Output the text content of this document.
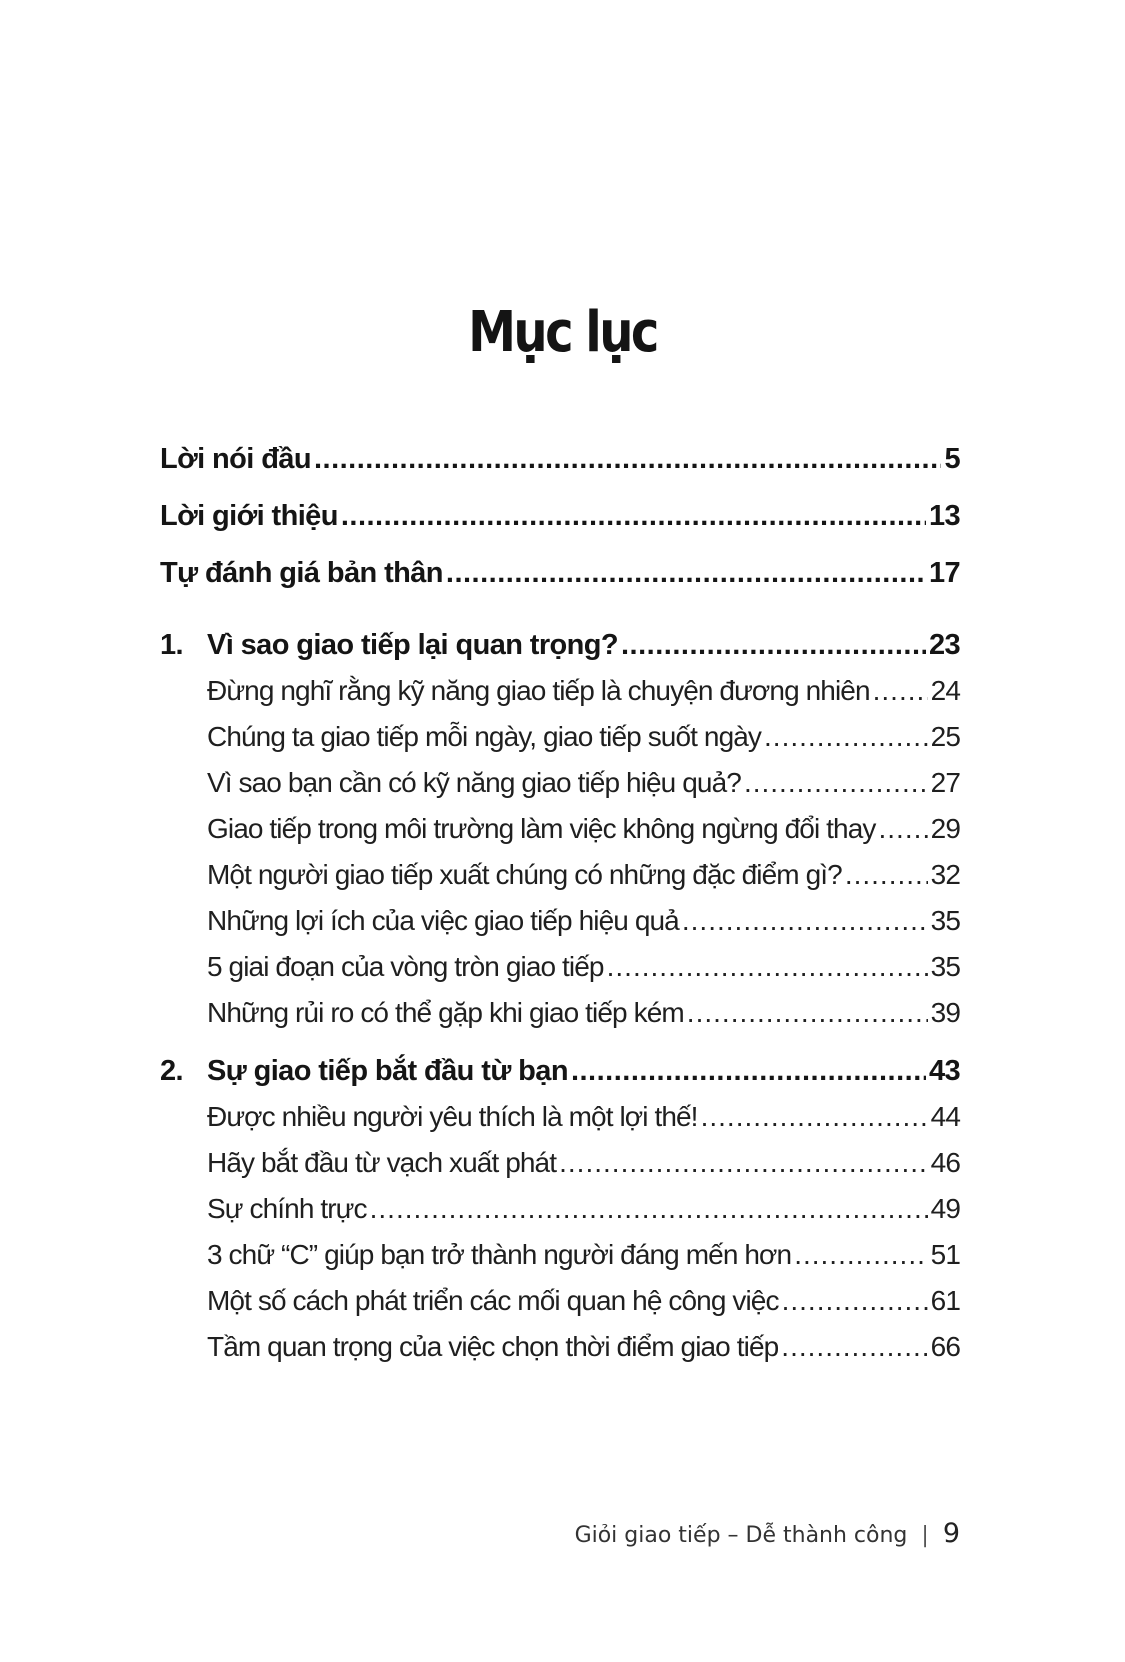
Mục lục
Lời nói đầu .....	5
Lời giới thiệu .....	13
Tự đánh giá bản thân .....	17
1. Vì sao giao tiếp lại quan trọng? .....	23
Đừng nghĩ rằng kỹ năng giao tiếp là chuyện đương nhiên ..... 24
Chúng ta giao tiếp mỗi ngày, giao tiếp suốt ngày .....	25
Vì sao bạn cần có kỹ năng giao tiếp hiệu quả? .....	27
Giao tiếp trong môi trường làm việc không ngừng đổi thay ..... 29
Một người giao tiếp xuất chúng có những đặc điểm gì? .....	32
Những lợi ích của việc giao tiếp hiệu quả .....	35
5 giai đoạn của vòng tròn giao tiếp .....	35
Những rủi ro có thể gặp khi giao tiếp kém .....	39
2. Sự giao tiếp bắt đầu từ bạn .....	43
Được nhiều người yêu thích là một lợi thế! .....	44
Hãy bắt đầu từ vạch xuất phát .....	46
Sự chính trực .....	49
3 chữ “C” giúp bạn trở thành người đáng mến hơn .....	51
Một số cách phát triển các mối quan hệ công việc .....	61
Tầm quan trọng của việc chọn thời điểm giao tiếp .....	66
Giỏi giao tiếp – Dễ thành công | 9
